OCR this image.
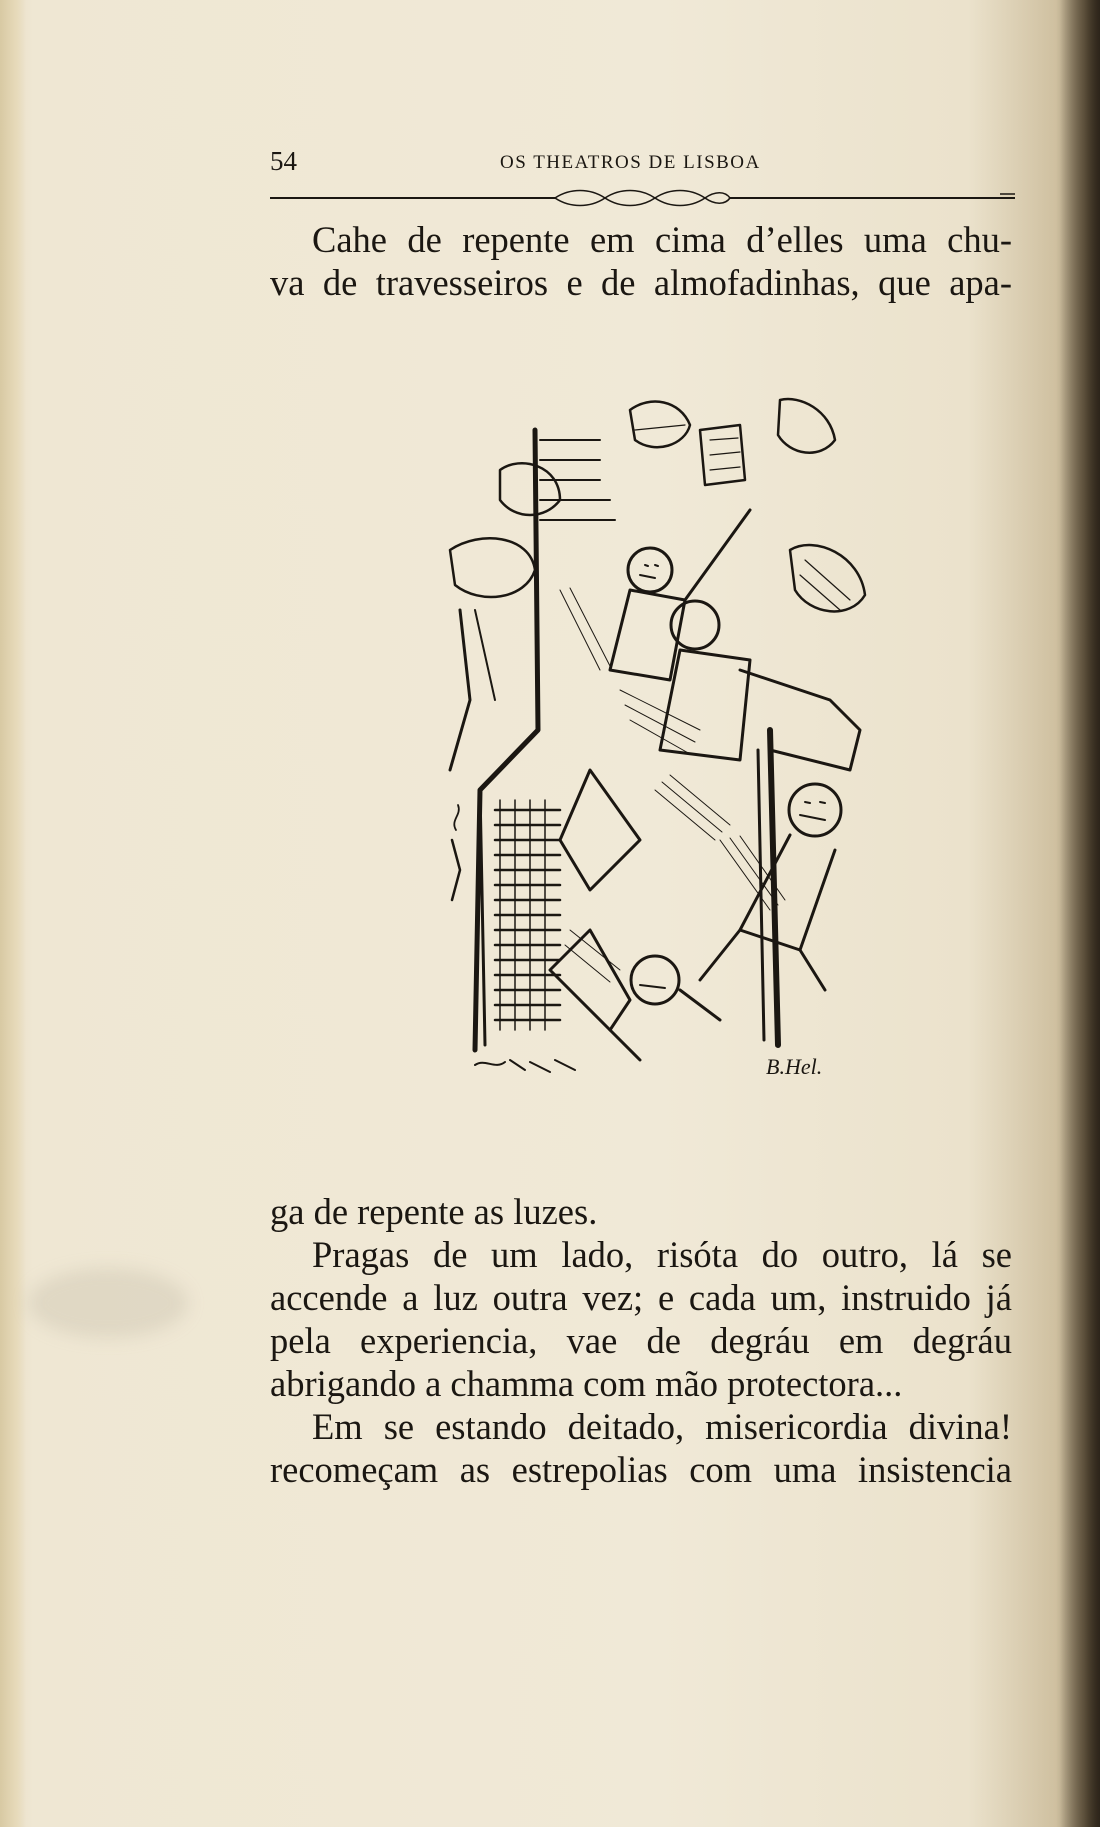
54	OS THEATROS DE LISBOA

Cahe de repente em cima d’elles uma chu-

va de travesseiros e de almofadinhas, que apa-

B.Hel.

ga de repente as luzes.

Pragas de um lado, risóta do outro, lá se accende a luz outra vez; e cada um, instruido já pela experiencia, vae de degráu em degráu abrigando a chamma com mão protectora...

Em se estando deitado, misericordia divina! recomeçam as estrepolias com uma insistencia
